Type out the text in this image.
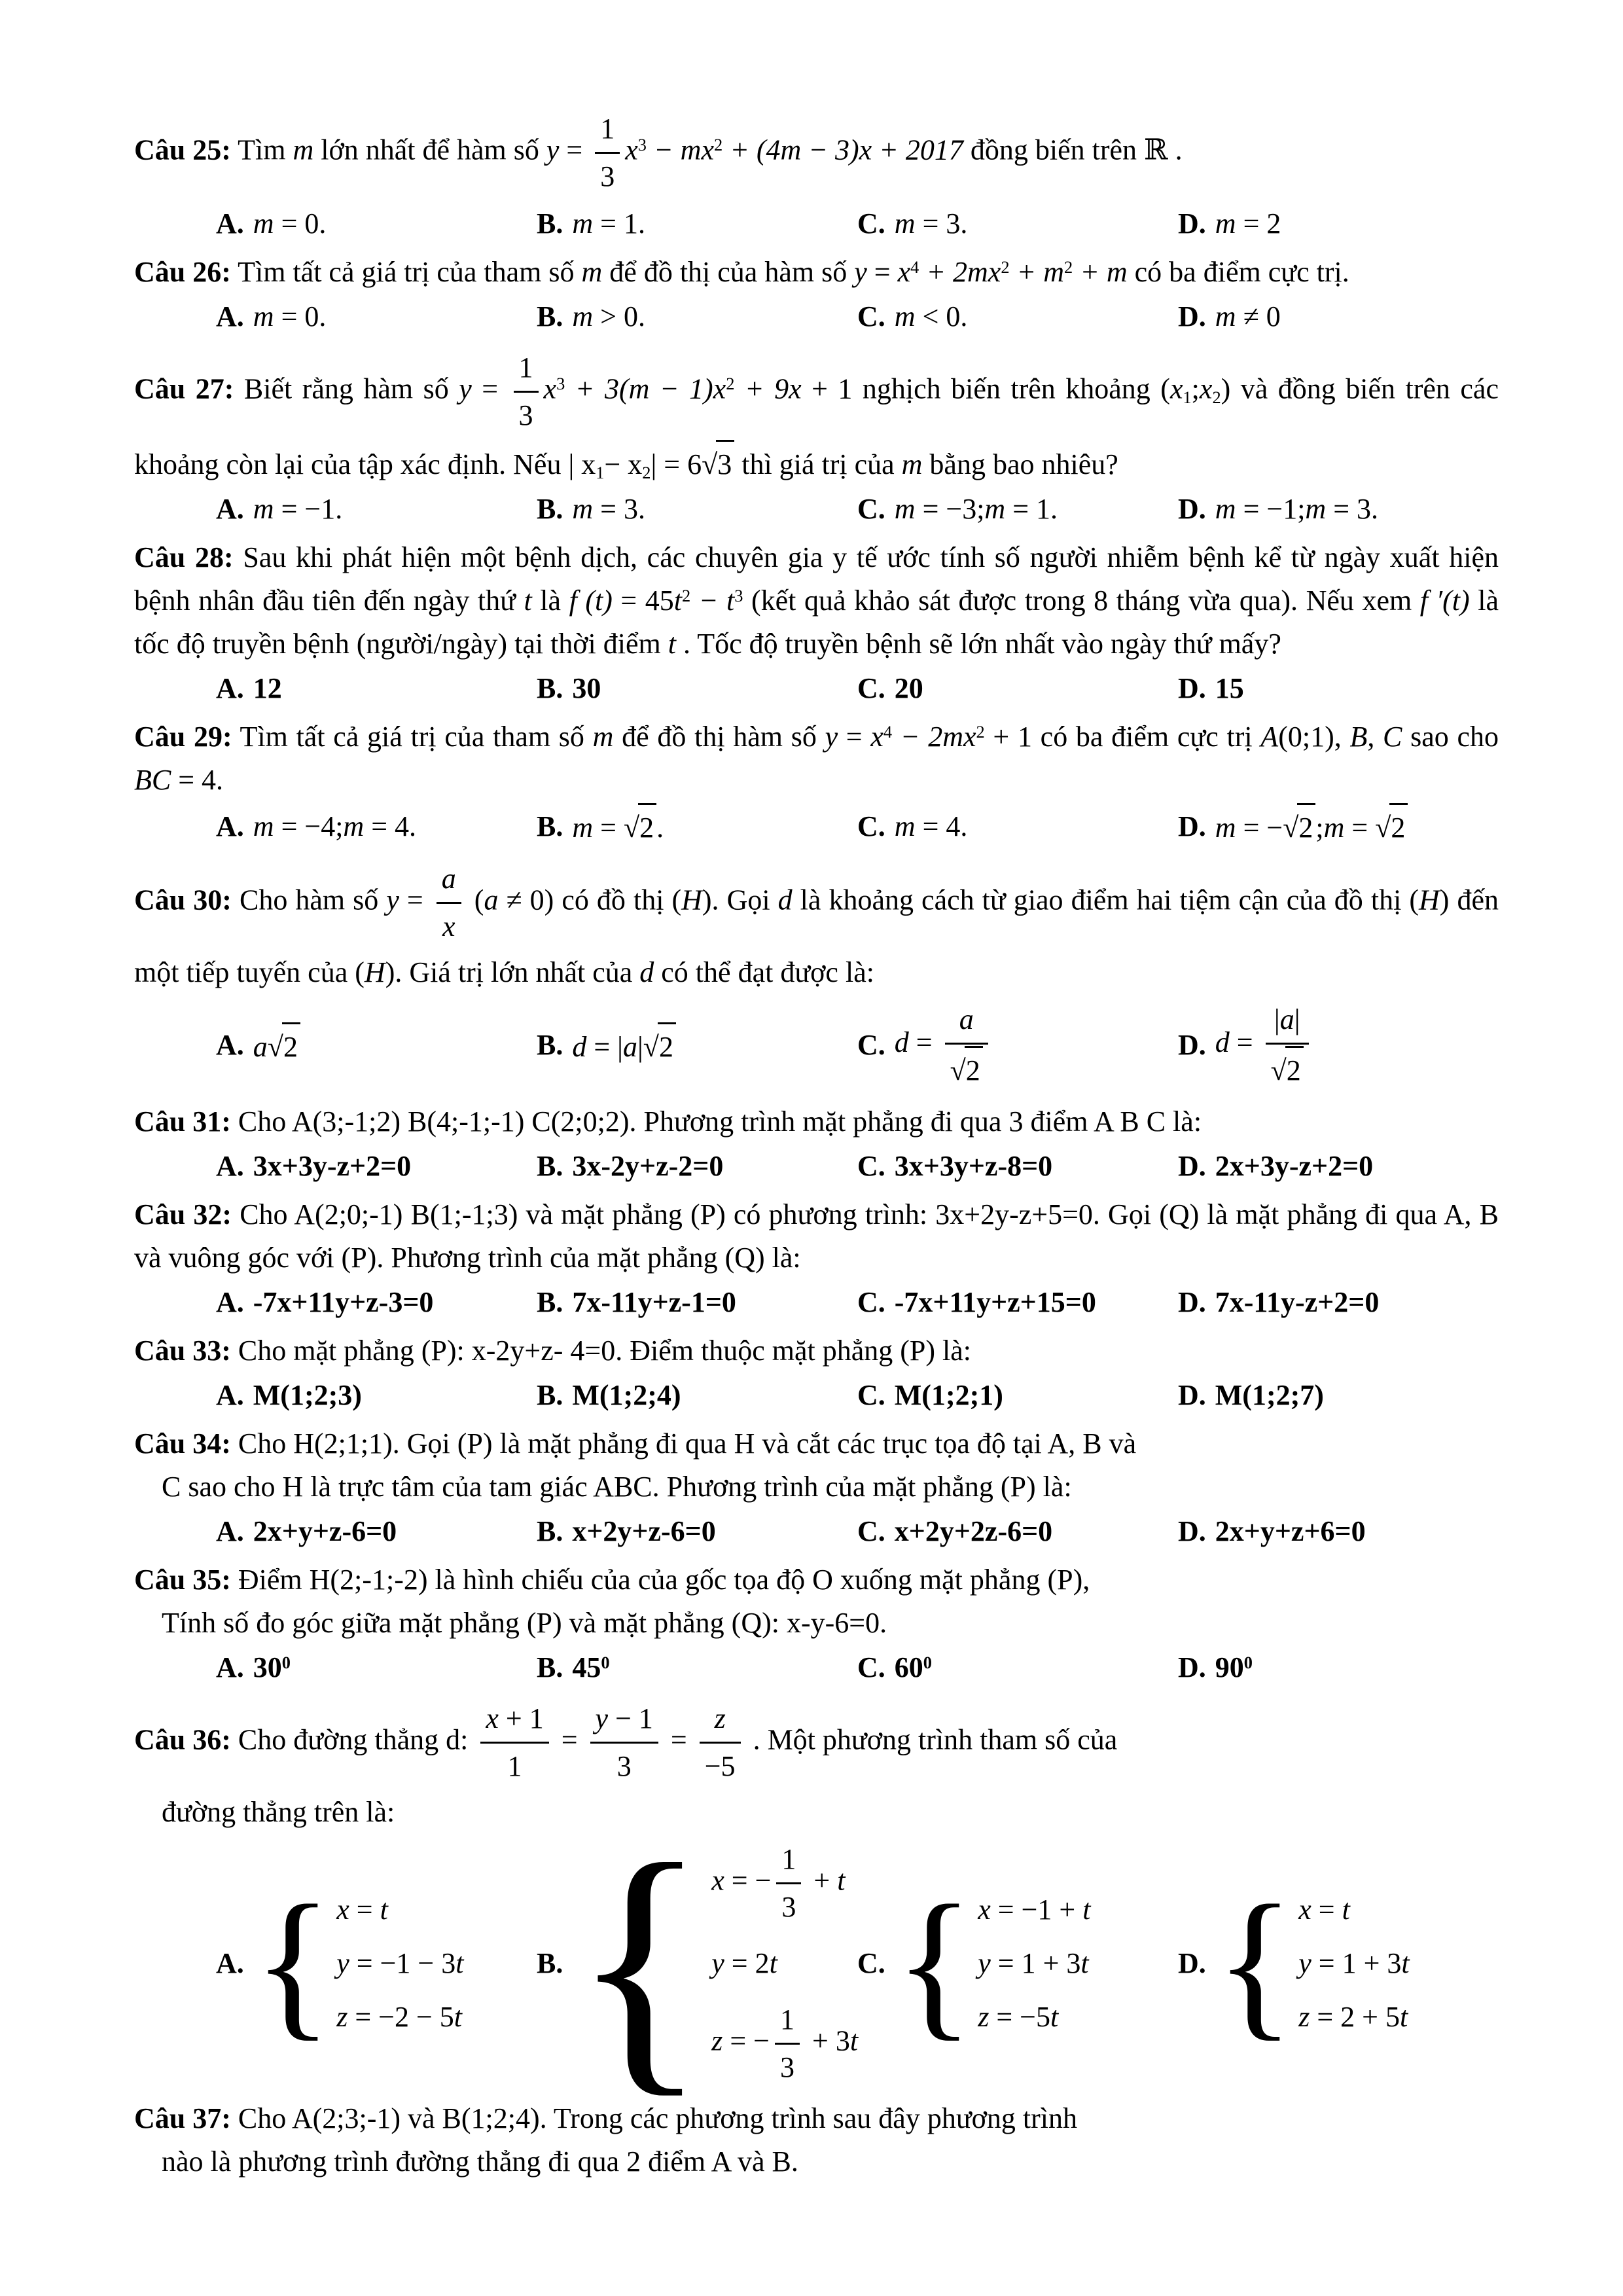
Câu 25: Tìm m lớn nhất để hàm số $y = \frac{1}{3} x^3 - mx^2 + (4m - 3)x + 2017$ đồng biến trên ℝ .

A. m = 0.	B. m = 1.	C. m = 3.	D. m = 2

Câu 26: Tìm tất cả giá trị của tham số m để đồ thị của hàm số $y = x^4 + 2mx^2 + m^2 + m$ có ba điểm cực trị.

A. m = 0.	B. m > 0.	C. m < 0.	D. m ≠ 0

Câu 27: Biết rằng hàm số $y = \frac{1}{3} x^3 + 3(m - 1)x^2 + 9x + 1$ nghịch biến trên khoảng $(x_1;x_2)$ và đồng biến trên các khoảng còn lại của tập xác định. Nếu | $x_1- x_2| = 6√3$ thì giá trị của m bằng bao nhiêu?

A. m = −1.	B. m = 3.	C. m = −3;m = 1.	D. m = −1;m = 3.

Câu 28: Sau khi phát hiện một bệnh dịch, các chuyên gia y tế ước tính số người nhiễm bệnh kể từ ngày xuất hiện bệnh nhân đầu tiên đến ngày thứ t là f $(t) = 45t^2 - t^3$ (kết quả khảo sát được trong 8 tháng vừa qua). Nếu xem f ′(t) là tốc độ truyền bệnh (người/ngày) tại thời điểm t . Tốc độ truyền bệnh sẽ lớn nhất vào ngày thứ mấy?

A. 12	B. 30	C. 20	D. 15

Câu 29: Tìm tất cả giá trị của tham số m để đồ thị hàm số $y = x^4 - 2mx^2 + 1$ có ba điểm cực trị A(0;1), B, C sao cho BC = 4.

A. m = −4;m = 4.	B. m = √2.	C. m = 4.	D. m = −√2;m = √2

Câu 30: Cho hàm số $y = \frac{a}{x} (a \ne 0)$ có đồ thị (H). Gọi d là khoảng cách từ giao điểm hai tiệm cận của đồ thị (H) đến một tiếp tuyến của (H). Giá trị lớn nhất của d có thể đạt được là:

A. a√2	B. d = |a|√2	C. $d = \frac{a}{√2}$	D. $d = \frac{|a|}{√2}$

Câu 31: Cho A(3;-1;2) B(4;-1;-1) C(2;0;2). Phương trình mặt phẳng đi qua 3 điểm A B C là:

A. 3x+3y-z+2=0	B. 3x-2y+z-2=0	C. 3x+3y+z-8=0	D. 2x+3y-z+2=0

Câu 32: Cho A(2;0;-1) B(1;-1;3) và mặt phẳng (P) có phương trình: 3x+2y-z+5=0. Gọi (Q) là mặt phẳng đi qua A, B và vuông góc với (P). Phương trình của mặt phẳng (Q) là:

A. -7x+11y+z-3=0	B. 7x-11y+z-1=0	C. -7x+11y+z+15=0	D. 7x-11y-z+2=0

Câu 33: Cho mặt phẳng (P): x-2y+z- 4=0. Điểm thuộc mặt phẳng (P) là:

A. M(1;2;3)	B. M(1;2;4)	C. M(1;2;1)	D. M(1;2;7)

Câu 34: Cho H(2;1;1). Gọi (P) là mặt phẳng đi qua H và cắt các trục tọa độ tại A, B và

C sao cho H là trực tâm của tam giác ABC. Phương trình của mặt phẳng (P) là:

A. 2x+y+z-6=0	B. x+2y+z-6=0	C. x+2y+2z-6=0	D. 2x+y+z+6=0

Câu 35: Điểm H(2;-1;-2) là hình chiếu của của gốc tọa độ O xuống mặt phẳng (P),

Tính số đo góc giữa mặt phẳng (P) và mặt phẳng (Q): x-y-6=0.

A. $30^0$	B. $45^0$	C. $60^0$	D. $90^0$

Câu 36: Cho đường thẳng d: $\frac{x + 1}{1} = \frac{y - 1}{3} = \frac{z}{-5}$ . Một phương trình tham số của

đường thẳng trên là:

A. { x = t
y = −1 − 3t
z = −2 − 5t
B. { x = − $\frac{1}{3} + t$
y = 2t
z = − $\frac{1}{3} + 3t$
C. { x = −1 + t
y = 1 + 3t
z = −5t
D. { x = t
y = 1 + 3t
z = 2 + 5t

Câu 37: Cho A(2;3;-1) và B(1;2;4). Trong các phương trình sau đây phương trình

nào là phương trình đường thẳng đi qua 2 điểm A và B.
